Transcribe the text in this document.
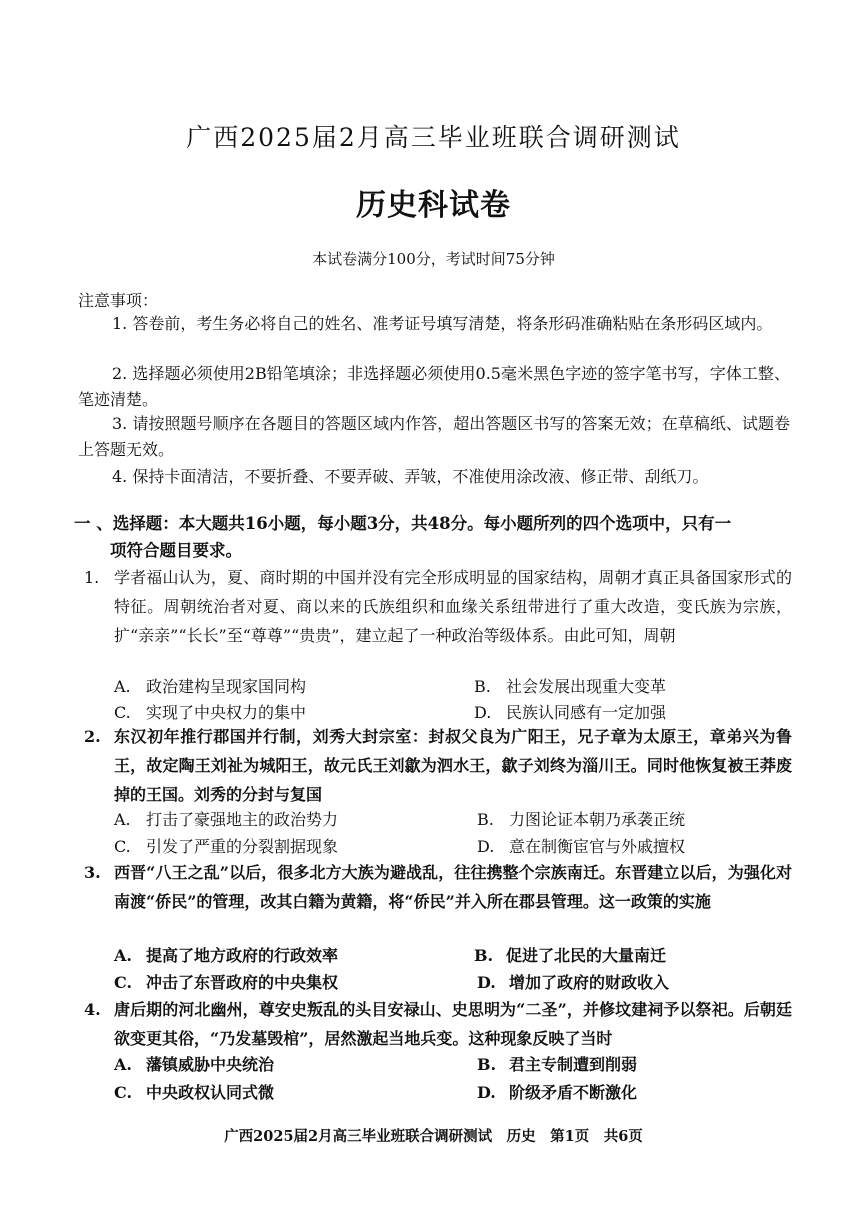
广西2025届2月高三毕业班联合调研测试
历史科试卷
本试卷满分100分，考试时间75分钟
注意事项：
1. 答卷前，考生务必将自己的姓名、准考证号填写清楚，将条形码准确粘贴在条形码区域内。
2. 选择题必须使用2B铅笔填涂；非选择题必须使用0.5毫米黑色字迹的签字笔书写，字体工整、笔迹清楚。
3. 请按照题号顺序在各题目的答题区域内作答，超出答题区书写的答案无效；在草稿纸、试题卷上答题无效。
4. 保持卡面清洁，不要折叠、不要弄破、弄皱，不准使用涂改液、修正带、刮纸刀。
一 、选择题：本大题共16小题，每小题3分，共48分。每小题所列的四个选项中，只有一
项符合题目要求。
1. 学者福山认为，夏、商时期的中国并没有完全形成明显的国家结构，周朝才真正具备国家形式的特征。周朝统治者对夏、商以来的氏族组织和血缘关系纽带进行了重大改造，变氏族为宗族，扩“亲亲”“长长”至“尊尊”“贵贵”，建立起了一种政治等级体系。由此可知，周朝
A. 政治建构呈现家国同构	B. 社会发展出现重大变革
C. 实现了中央权力的集中	D. 民族认同感有一定加强
2. 东汉初年推行郡国并行制，刘秀大封宗室：封叔父良为广阳王，兄子章为太原王，章弟兴为鲁王，故定陶王刘祉为城阳王，故元氏王刘歙为泗水王，歙子刘终为淄川王。同时他恢复被王莽废掉的王国。刘秀的分封与复国
A. 打击了豪强地主的政治势力	B. 力图论证本朝乃承袭正统
C. 引发了严重的分裂割据现象	D. 意在制衡宦官与外戚擅权
3. 西晋“八王之乱”以后，很多北方大族为避战乱，往往携整个宗族南迁。东晋建立以后，为强化对南渡“侨民”的管理，改其白籍为黄籍，将“侨民”并入所在郡县管理。这一政策的实施
A. 提高了地方政府的行政效率	B. 促进了北民的大量南迁
C. 冲击了东晋政府的中央集权	D. 增加了政府的财政收入
4. 唐后期的河北幽州，尊安史叛乱的头目安禄山、史思明为“二圣”，并修坟建祠予以祭祀。后朝廷欲变更其俗，“乃发墓毁棺”，居然激起当地兵变。这种现象反映了当时
A. 藩镇威胁中央统治	B. 君主专制遭到削弱
C. 中央政权认同式微	D. 阶级矛盾不断激化
广西2025届2月高三毕业班联合调研测试　历史　第1页　共6页
